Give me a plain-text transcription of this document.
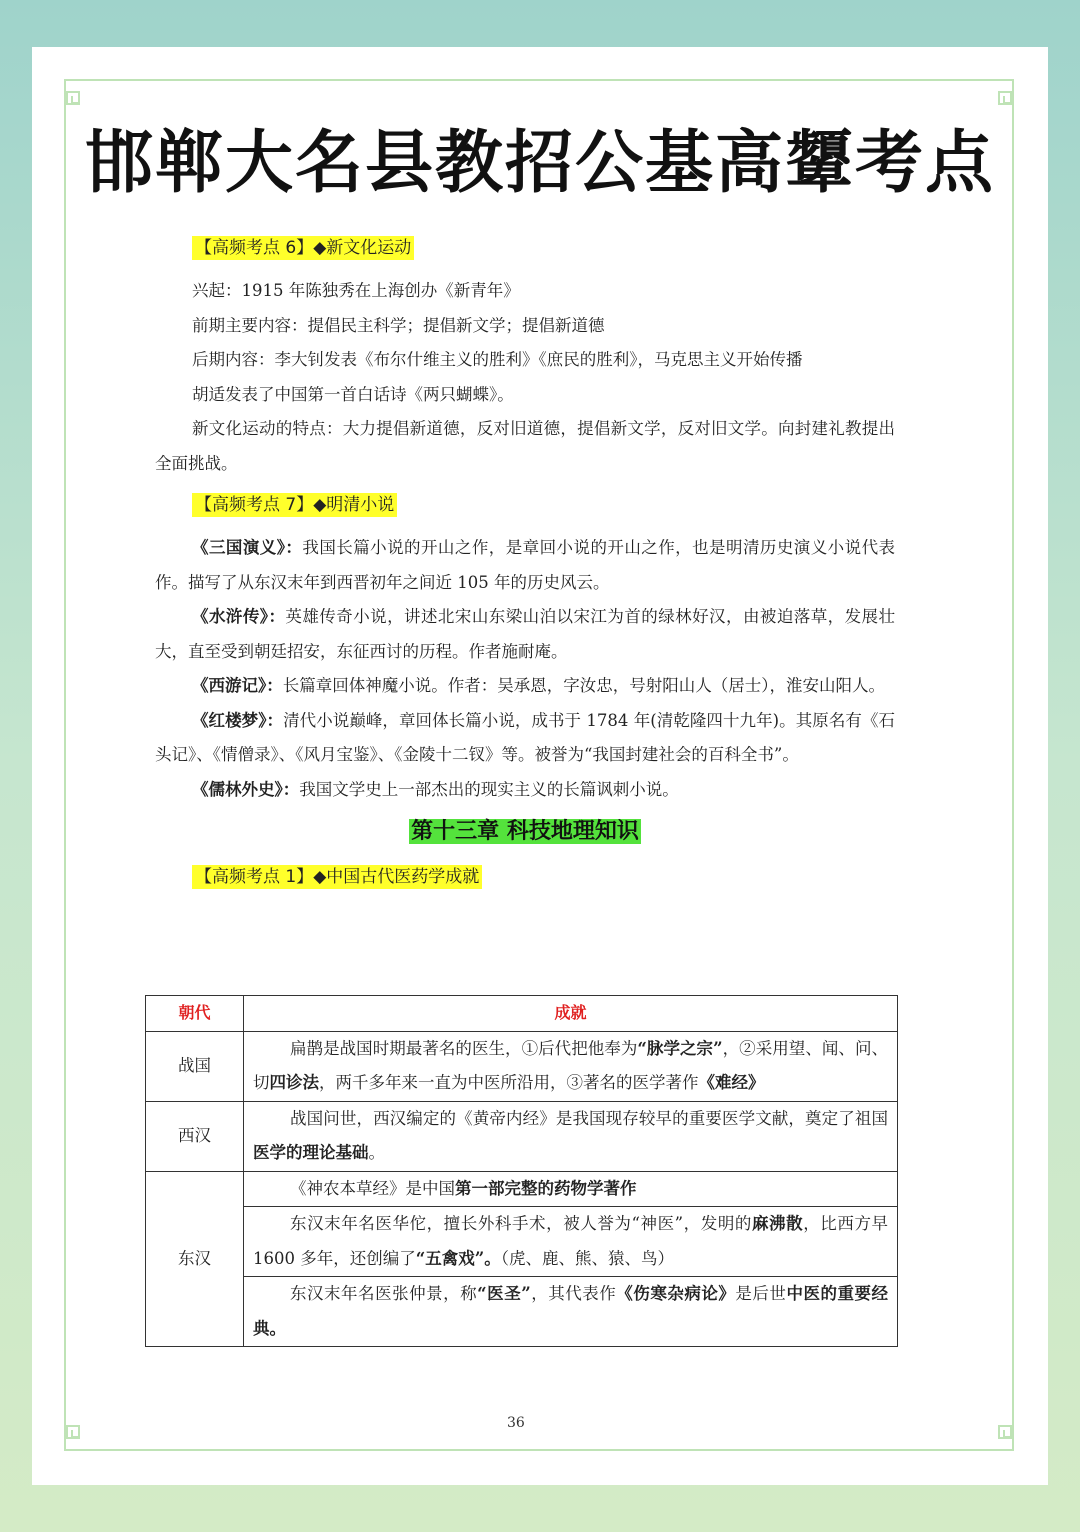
邯郸大名县教招公基高顰考点
【高频考点 6】◆新文化运动

兴起：1915 年陈独秀在上海创办《新青年》

前期主要内容：提倡民主科学；提倡新文学；提倡新道德

后期内容：李大钊发表《布尔什维主义的胜利》《庶民的胜利》，马克思主义开始传播

胡适发表了中国第一首白话诗《两只蝴蝶》。

新文化运动的特点：大力提倡新道德，反对旧道德，提倡新文学，反对旧文学。向封建礼教提出全面挑战。

【高频考点 7】◆明清小说

《三国演义》：我国长篇小说的开山之作，是章回小说的开山之作，也是明清历史演义小说代表作。描写了从东汉末年到西晋初年之间近 105 年的历史风云。

《水浒传》：英雄传奇小说，讲述北宋山东梁山泊以宋江为首的绿林好汉，由被迫落草，发展壮大，直至受到朝廷招安，东征西讨的历程。作者施耐庵。

《西游记》：长篇章回体神魔小说。作者：吴承恩，字汝忠，号射阳山人（居士），淮安山阳人。

《红楼梦》：清代小说巅峰，章回体长篇小说，成书于 1784 年(清乾隆四十九年)。其原名有《石头记》、《情僧录》、《风月宝鉴》、《金陵十二钗》等。被誉为“我国封建社会的百科全书”。

《儒林外史》：我国文学史上一部杰出的现实主义的长篇讽刺小说。

第十三章 科技地理知识
【高频考点 1】◆中国古代医药学成就
朝代	成就
战国	扁鹊是战国时期最著名的医生，①后代把他奉为“脉学之宗”，②采用望、闻、问、切四诊法，两千多年来一直为中医所沿用，③著名的医学著作《难经》
西汉	战国问世，西汉编定的《黄帝内经》是我国现存较早的重要医学文献，奠定了祖国医学的理论基础。
东汉	《神农本草经》是中国第一部完整的药物学著作
	东汉末年名医华佗，擅长外科手术，被人誉为“神医”，发明的麻沸散，比西方早 1600 多年，还创编了“五禽戏”。（虎、鹿、熊、猿、鸟）
	东汉末年名医张仲景，称“医圣”，其代表作《伤寒杂病论》是后世中医的重要经典。
36
